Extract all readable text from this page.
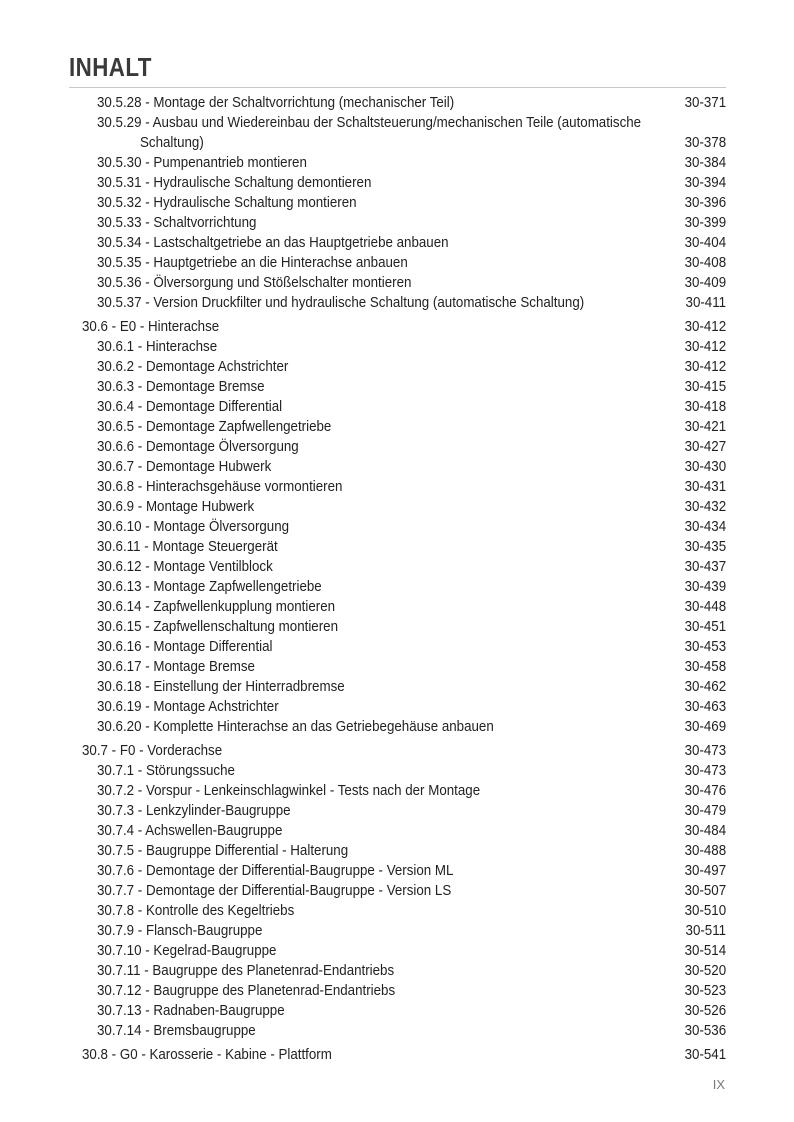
INHALT
30.5.28 - Montage der Schaltvorrichtung (mechanischer Teil)	30-371
30.5.29 - Ausbau und Wiedereinbau der Schaltsteuerung/mechanischen Teile (automatische
Schaltung)	30-378
30.5.30 - Pumpenantrieb montieren	30-384
30.5.31 - Hydraulische Schaltung demontieren	30-394
30.5.32 - Hydraulische Schaltung montieren	30-396
30.5.33 - Schaltvorrichtung	30-399
30.5.34 - Lastschaltgetriebe an das Hauptgetriebe anbauen	30-404
30.5.35 - Hauptgetriebe an die Hinterachse anbauen	30-408
30.5.36 - Ölversorgung und Stößelschalter montieren	30-409
30.5.37 - Version Druckfilter und hydraulische Schaltung (automatische Schaltung)	30-411
30.6 - E0 - Hinterachse	30-412
30.6.1 - Hinterachse	30-412
30.6.2 - Demontage Achstrichter	30-412
30.6.3 - Demontage Bremse	30-415
30.6.4 - Demontage Differential	30-418
30.6.5 - Demontage Zapfwellengetriebe	30-421
30.6.6 - Demontage Ölversorgung	30-427
30.6.7 - Demontage Hubwerk	30-430
30.6.8 - Hinterachsgehäuse vormontieren	30-431
30.6.9 - Montage Hubwerk	30-432
30.6.10 - Montage Ölversorgung	30-434
30.6.11 - Montage Steuergerät	30-435
30.6.12 - Montage Ventilblock	30-437
30.6.13 - Montage Zapfwellengetriebe	30-439
30.6.14 - Zapfwellenkupplung montieren	30-448
30.6.15 - Zapfwellenschaltung montieren	30-451
30.6.16 - Montage Differential	30-453
30.6.17 - Montage Bremse	30-458
30.6.18 - Einstellung der Hinterradbremse	30-462
30.6.19 - Montage Achstrichter	30-463
30.6.20 - Komplette Hinterachse an das Getriebegehäuse anbauen	30-469
30.7 - F0 - Vorderachse	30-473
30.7.1 - Störungssuche	30-473
30.7.2 - Vorspur - Lenkeinschlagwinkel - Tests nach der Montage	30-476
30.7.3 - Lenkzylinder-Baugruppe	30-479
30.7.4 - Achswellen-Baugruppe	30-484
30.7.5 - Baugruppe Differential - Halterung	30-488
30.7.6 - Demontage der Differential-Baugruppe - Version ML	30-497
30.7.7 - Demontage der Differential-Baugruppe - Version LS	30-507
30.7.8 - Kontrolle des Kegeltriebs	30-510
30.7.9 - Flansch-Baugruppe	30-511
30.7.10 - Kegelrad-Baugruppe	30-514
30.7.11 - Baugruppe des Planetenrad-Endantriebs	30-520
30.7.12 - Baugruppe des Planetenrad-Endantriebs	30-523
30.7.13 - Radnaben-Baugruppe	30-526
30.7.14 - Bremsbaugruppe	30-536
30.8 - G0 - Karosserie - Kabine - Plattform	30-541
IX
